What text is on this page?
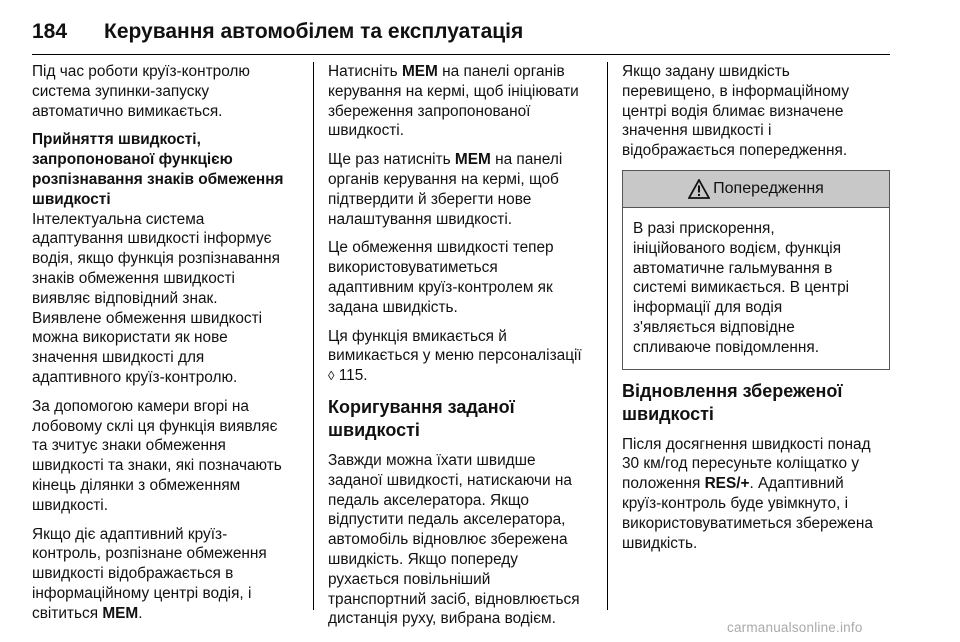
184 Керування автомобілем та експлуатація

Під час роботи круїз-контролю
система зупинки-запуску
автоматично вимикається.

Прийняття швидкості,
запропонованої функцією
розпізнавання знаків обмеження
швидкості

Інтелектуальна система
адаптування швидкості інформує
водія, якщо функція розпізнавання
знаків обмеження швидкості
виявляє відповідний знак.
Виявлене обмеження швидкості
можна використати як нове
значення швидкості для
адаптивного круїз-контролю.

За допомогою камери вгорі на
лобовому склі ця функція виявляє
та зчитує знаки обмеження
швидкості та знаки, які позначають
кінець ділянки з обмеженням
швидкості.

Якщо діє адаптивний круїз-
контроль, розпізнане обмеження
швидкості відображається в
інформаційному центрі водія, і
світиться MEM.

Натисніть MEM на панелі органів
керування на кермі, щоб ініціювати
збереження запропонованої
швидкості.

Ще раз натисніть MEM на панелі
органів керування на кермі, щоб
підтвердити й зберегти нове
налаштування швидкості.

Це обмеження швидкості тепер
використовуватиметься
адаптивним круїз-контролем як
задана швидкість.

Ця функція вмикається й
вимикається у меню персоналізації
◊ 115.

Коригування заданої швидкості

Завжди можна їхати швидше
заданої швидкості, натискаючи на
педаль акселератора. Якщо
відпустити педаль акселератора,
автомобіль відновлює збережена
швидкість. Якщо попереду
рухається повільніший
транспортний засіб, відновлюється
дистанція руху, вибрана водієм.

Якщо задану швидкість
перевищено, в інформаційному
центрі водія блимає визначене
значення швидкості і
відображається попередження.

Попередження
В разі прискорення,
ініційованого водієм, функція
автоматичне гальмування в
системі вимикається. В центрі
інформації для водія
з'являється відповідне
спливаюче повідомлення.
Відновлення збереженої
швидкості

Після досягнення швидкості понад
30 км/год пересуньте коліщатко у
положення RES/+. Адаптивний
круїз-контроль буде увімкнуто, і
використовуватиметься збережена
швидкість.

carmanualsonline.info
